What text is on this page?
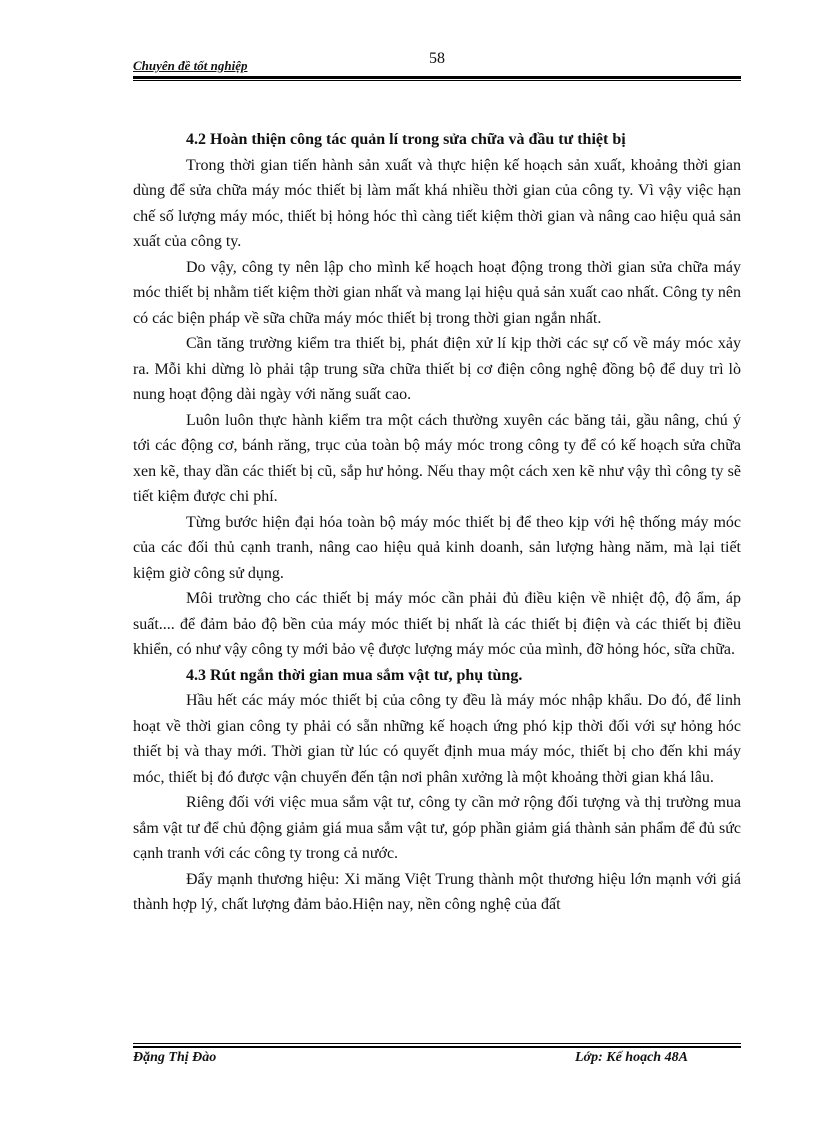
Chuyên đề tốt nghiệp	58
4.2 Hoàn thiện công tác quản lí trong sửa chữa và đầu tư thiệt bị

Trong thời gian tiến hành sản xuất và thực hiện kế hoạch sản xuất, khoảng thời gian dùng để sửa chữa máy móc thiết bị làm mất khá nhiều thời gian của công ty. Vì vậy việc hạn chế số lượng máy móc, thiết bị hỏng hóc thì càng tiết kiệm thời gian và nâng cao hiệu quả sản xuất của công ty.

Do vậy, công ty nên lập cho mình kế hoạch hoạt động trong thời gian sửa chữa máy móc thiết bị nhằm tiết kiệm thời gian nhất và mang lại hiệu quả sản xuất cao nhất. Công ty nên có các biện pháp về sữa chữa máy móc thiết bị trong thời gian ngắn nhất.

Cần tăng trường kiểm tra thiết bị, phát điện xử lí kịp thời các sự cố về máy móc xảy ra. Mỗi khi dừng lò phải tập trung sữa chữa thiết bị cơ điện công nghệ đồng bộ để duy trì lò nung hoạt động dài ngày với năng suất cao.

Luôn luôn thực hành kiểm tra một cách thường xuyên các băng tải, gầu nâng, chú ý tới các động cơ, bánh răng, trục của toàn bộ máy móc trong công ty để có kế hoạch sửa chữa xen kẽ, thay dần các thiết bị cũ, sắp hư hỏng. Nếu thay một cách xen kẽ như vậy thì công ty sẽ tiết kiệm được chi phí.

Từng bước hiện đại hóa toàn bộ máy móc thiết bị để theo kịp với hệ thống máy móc của các đối thủ cạnh tranh, nâng cao hiệu quả kinh doanh, sản lượng hàng năm, mà lại tiết kiệm giờ công sử dụng.

Môi trường cho các thiết bị máy móc cần phải đủ điều kiện về nhiệt độ, độ ẩm, áp suất.... để đảm bảo độ bền của máy móc thiết bị nhất là các thiết bị điện và các thiết bị điều khiển, có như vậy công ty mới bảo vệ được lượng máy móc của mình, đỡ hỏng hóc, sữa chữa.

4.3 Rút ngắn thời gian mua sắm vật tư, phụ tùng.

Hầu hết các máy móc thiết bị của công ty đều là máy móc nhập khẩu. Do đó, để linh hoạt về thời gian công ty phải có sẵn những kế hoạch ứng phó kịp thời đối với sự hỏng hóc thiết bị và thay mới. Thời gian từ lúc có quyết định mua máy móc, thiết bị cho đến khi máy móc, thiết bị đó được vận chuyển đến tận nơi phân xưởng là một khoảng thời gian khá lâu.

Riêng đối với việc mua sắm vật tư, công ty cần mở rộng đối tượng và thị trường mua sắm vật tư để chủ động giảm giá mua sắm vật tư, góp phần giảm giá thành sản phẩm để đủ sức cạnh tranh với các công ty trong cả nước.

Đẩy mạnh thương hiệu: Xi măng Việt Trung thành một thương hiệu lớn mạnh với giá thành hợp lý, chất lượng đảm bảo.Hiện nay, nền công nghệ của đất

Đặng Thị Đào	Lớp: Kế hoạch 48A
